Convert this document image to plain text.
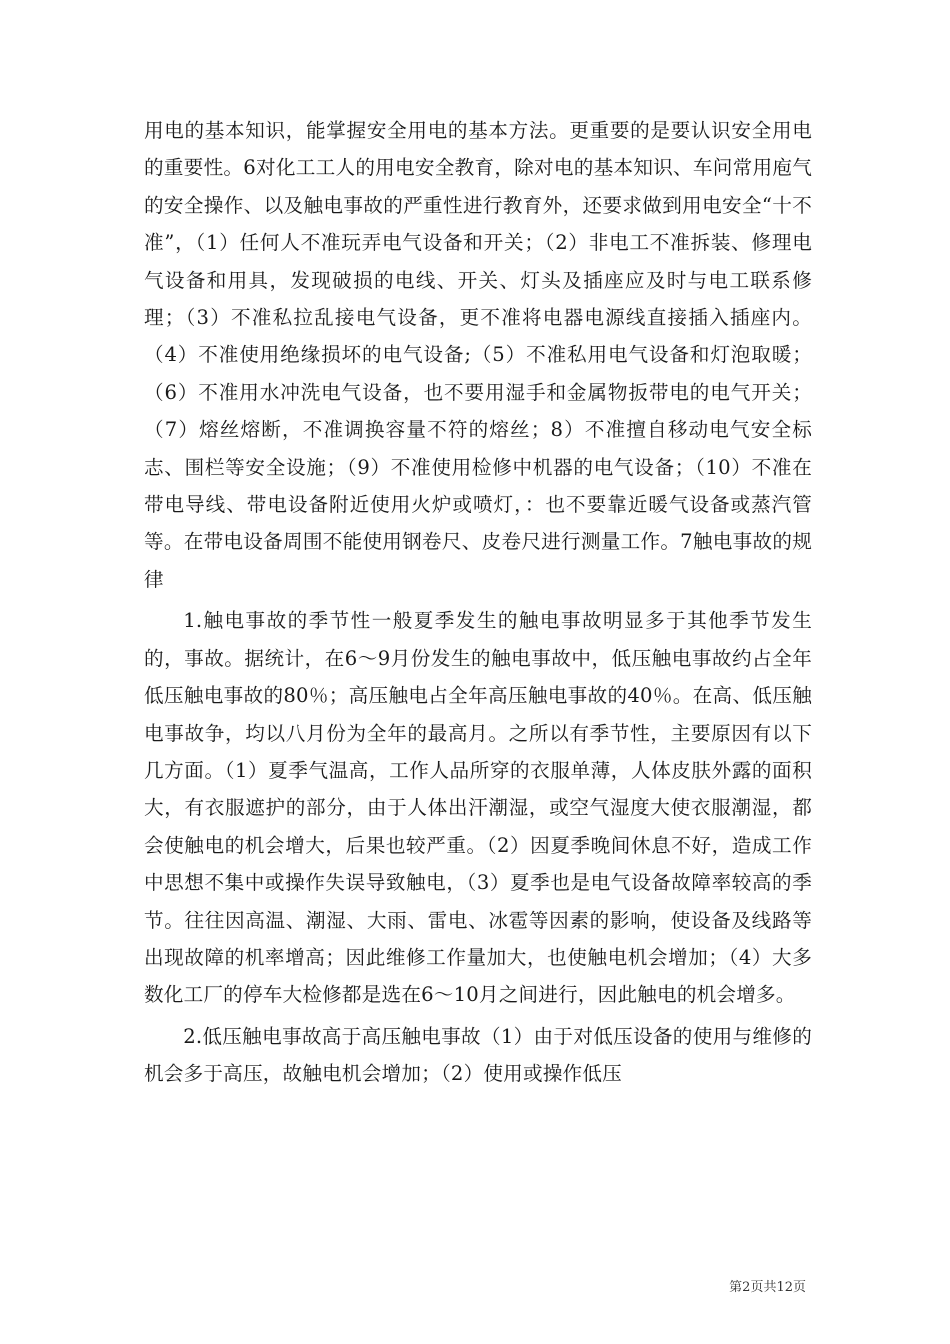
用电的基本知识，能掌握安全用电的基本方法。更重要的是要认识安全用电的重要性。6对化工工人的用电安全教育，除对电的基本知识、车问常用庖气的安全操作、以及触电事故的严重性进行教育外，还要求做到用电安全“十不准”，（1）任何人不准玩弄电气设备和开关；（2）非电工不准拆装、修理电气设备和用具，发现破损的电线、开关、灯头及插座应及时与电工联系修理；（3）不准私拉乱接电气设备，更不准将电器电源线直接插入插座内。（4）不准使用绝缘损坏的电气设备;（5）不准私用电气设备和灯泡取暖；（6）不准用水冲洗电气设备，也不要用湿手和金属物扳带电的电气开关；（7）熔丝熔断，不准调换容量不符的熔丝；8）不准擅自移动电气安全标志、围栏等安全设施；（9）不准使用检修中机器的电气设备；（10）不准在带电导线、带电设备附近使用火炉或喷灯，：也不要靠近暖气设备或蒸汽管等。在带电设备周围不能使用钢卷尺、皮卷尺进行测量工作。7触电事故的规律

1.触电事故的季节性一般夏季发生的触电事故明显多于其他季节发生的，事故。据统计，在6～9月份发生的触电事故中，低压触电事故约占全年低压触电事故的80％；高压触电占全年高压触电事故的40％。在高、低压触电事故争，均以八月份为全年的最高月。之所以有季节性，主要原因有以下几方面。（1）夏季气温高，工作人品所穿的衣服单薄，人体皮肤外露的面积大，有衣服遮护的部分，由于人体出汗潮湿，或空气湿度大使衣服潮湿，都会使触电的机会增大，后果也较严重。（2）因夏季晚间休息不好，造成工作中思想不集中或操作失误导致触电，（3）夏季也是电气设备故障率较高的季节。往往因高温、潮湿、大雨、雷电、冰雹等因素的影响，使设备及线路等出现故障的机率增高；因此维修工作量加大，也使触电机会增加；（4）大多数化工厂的停车大检修都是选在6～10月之间进行，因此触电的机会增多。

2.低压触电事故高于高压触电事故（1）由于对低压设备的使用与维修的机会多于高压，故触电机会增加；（2）使用或操作低压

第2页共12页
